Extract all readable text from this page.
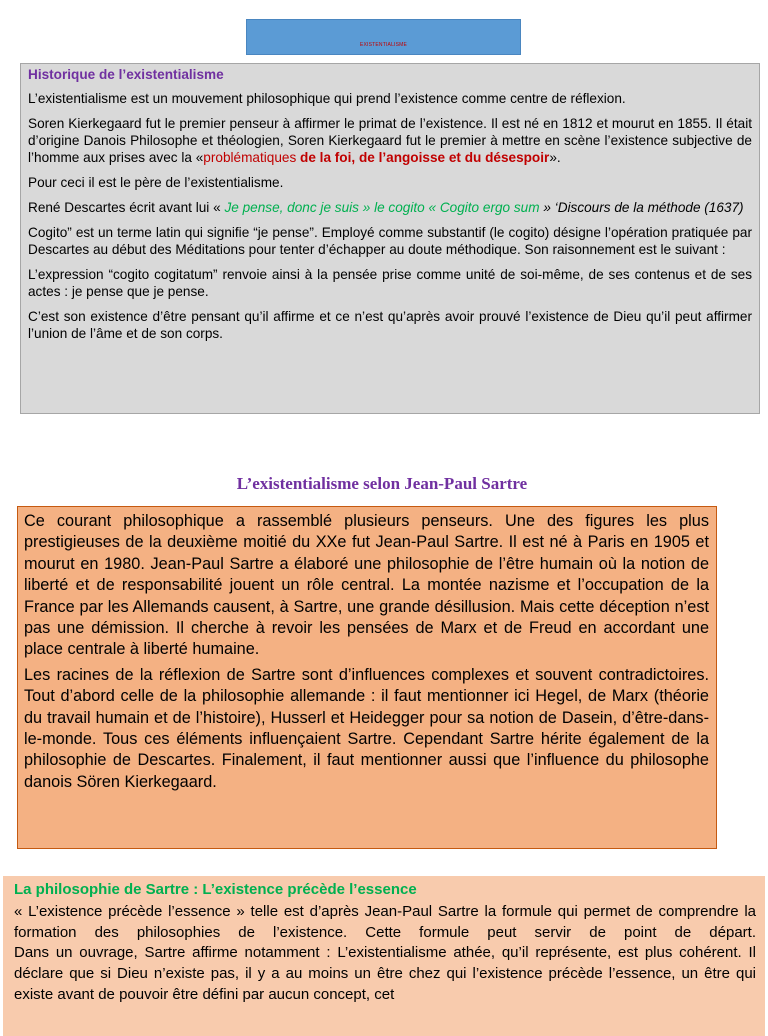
EXISTENTIALISME

Historique de l’existentialisme

L’existentialisme est un mouvement philosophique qui prend l’existence comme centre de réflexion.

Soren Kierkegaard fut le premier penseur à affirmer le primat de l’existence. Il est né en 1812 et mourut en 1855. Il était d’origine Danois Philosophe et théologien, Soren Kierkegaard fut le premier à mettre en scène l’existence subjective de l’homme aux prises avec la «problématiques de la foi, de l’angoisse et du désespoir».

Pour ceci il est le père de l’existentialisme.

René Descartes écrit avant lui « Je pense, donc je suis » le cogito « Cogito ergo sum » ‘Discours de la méthode (1637)

Cogito” est un terme latin qui signifie “je pense”. Employé comme substantif (le cogito) désigne l’opération pratiquée par Descartes au début des Méditations pour tenter d’échapper au doute méthodique. Son raisonnement est le suivant :

L’expression “cogito cogitatum” renvoie ainsi à la pensée prise comme unité de soi-même, de ses contenus et de ses actes : je pense que je pense.

C’est son existence d’être pensant qu’il affirme et ce n’est qu’après avoir prouvé l’existence de Dieu qu’il peut affirmer l’union de l’âme et de son corps.

L’existentialisme selon Jean-Paul Sartre

Ce courant philosophique a rassemblé plusieurs penseurs. Une des figures les plus prestigieuses de la deuxième moitié du XXe fut Jean-Paul Sartre. Il est né à Paris en 1905 et mourut en 1980. Jean-Paul Sartre a élaboré une philosophie de l’être humain où la notion de liberté et de responsabilité jouent un rôle central. La montée nazisme et l’occupation de la France par les Allemands causent, à Sartre, une grande désillusion. Mais cette déception n’est pas une démission. Il cherche à revoir les pensées de Marx et de Freud en accordant une place centrale à liberté humaine.

Les racines de la réflexion de Sartre sont d’influences complexes et souvent contradictoires. Tout d’abord celle de la philosophie allemande : il faut mentionner ici Hegel, de Marx (théorie du travail humain et de l’histoire), Husserl et Heidegger pour sa notion de Dasein, d’être-dans-le-monde. Tous ces éléments influençaient Sartre. Cependant Sartre hérite également de la philosophie de Descartes. Finalement, il faut mentionner aussi que l’influence du philosophe danois Sören Kierkegaard.

La philosophie de Sartre : L’existence précède l’essence

« L’existence précède l’essence » telle est d’après Jean-Paul Sartre la formule qui permet de comprendre la formation des philosophies de l’existence. Cette formule peut servir de point de départ.

Dans un ouvrage, Sartre affirme notamment : L’existentialisme athée, qu’il représente, est plus cohérent. Il déclare que si Dieu n’existe pas, il y a au moins un être chez qui l’existence précède l’essence, un être qui existe avant de pouvoir être défini par aucun concept, cet
